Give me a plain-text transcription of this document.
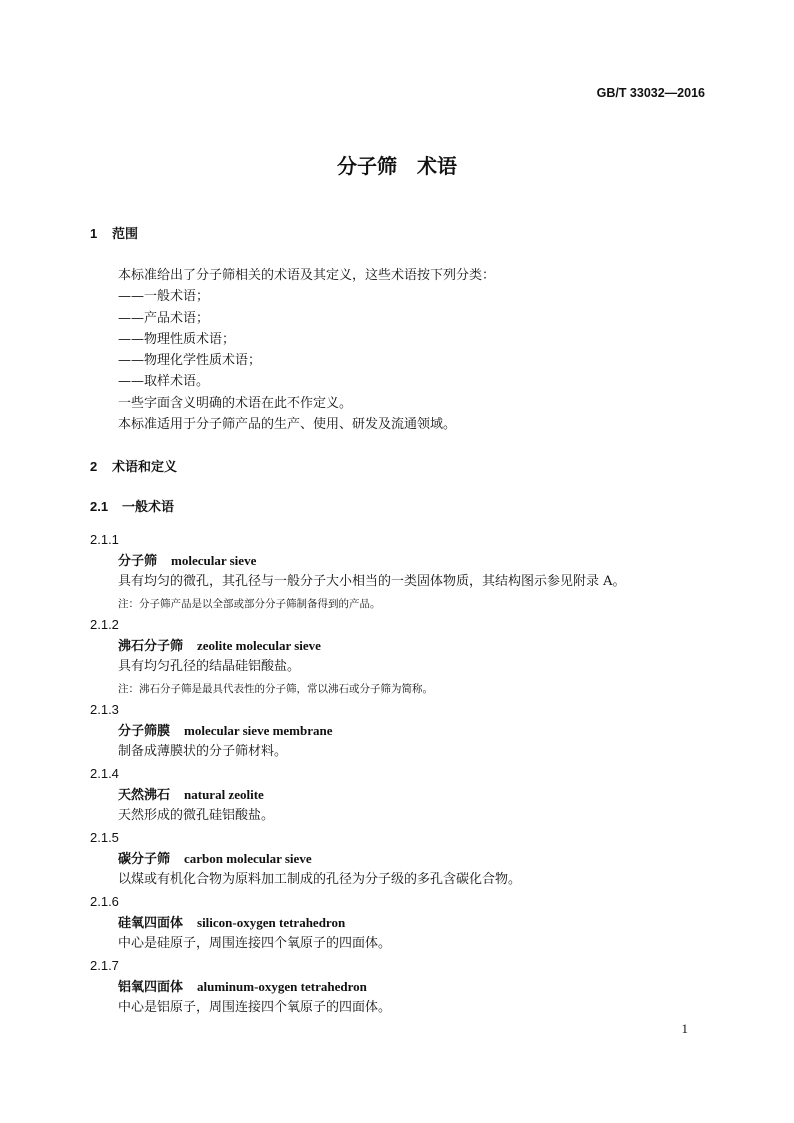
GB/T 33032—2016
分子筛　术语
1 范围
本标准给出了分子筛相关的术语及其定义，这些术语按下列分类：
——一般术语；
——产品术语；
——物理性质术语；
——物理化学性质术语；
——取样术语。
一些字面含义明确的术语在此不作定义。
本标准适用于分子筛产品的生产、使用、研发及流通领域。
2 术语和定义
2.1 一般术语
2.1.1
分子筛 molecular sieve
具有均匀的微孔，其孔径与一般分子大小相当的一类固体物质，其结构图示参见附录 A。
注：分子筛产品是以全部或部分分子筛制备得到的产品。
2.1.2
沸石分子筛 zeolite molecular sieve
具有均匀孔径的结晶硅铝酸盐。
注：沸石分子筛是最具代表性的分子筛，常以沸石或分子筛为简称。
2.1.3
分子筛膜 molecular sieve membrane
制备成薄膜状的分子筛材料。
2.1.4
天然沸石 natural zeolite
天然形成的微孔硅铝酸盐。
2.1.5
碳分子筛 carbon molecular sieve
以煤或有机化合物为原料加工制成的孔径为分子级的多孔含碳化合物。
2.1.6
硅氧四面体 silicon-oxygen tetrahedron
中心是硅原子，周围连接四个氧原子的四面体。
2.1.7
铝氧四面体 aluminum-oxygen tetrahedron
中心是铝原子，周围连接四个氧原子的四面体。
1
